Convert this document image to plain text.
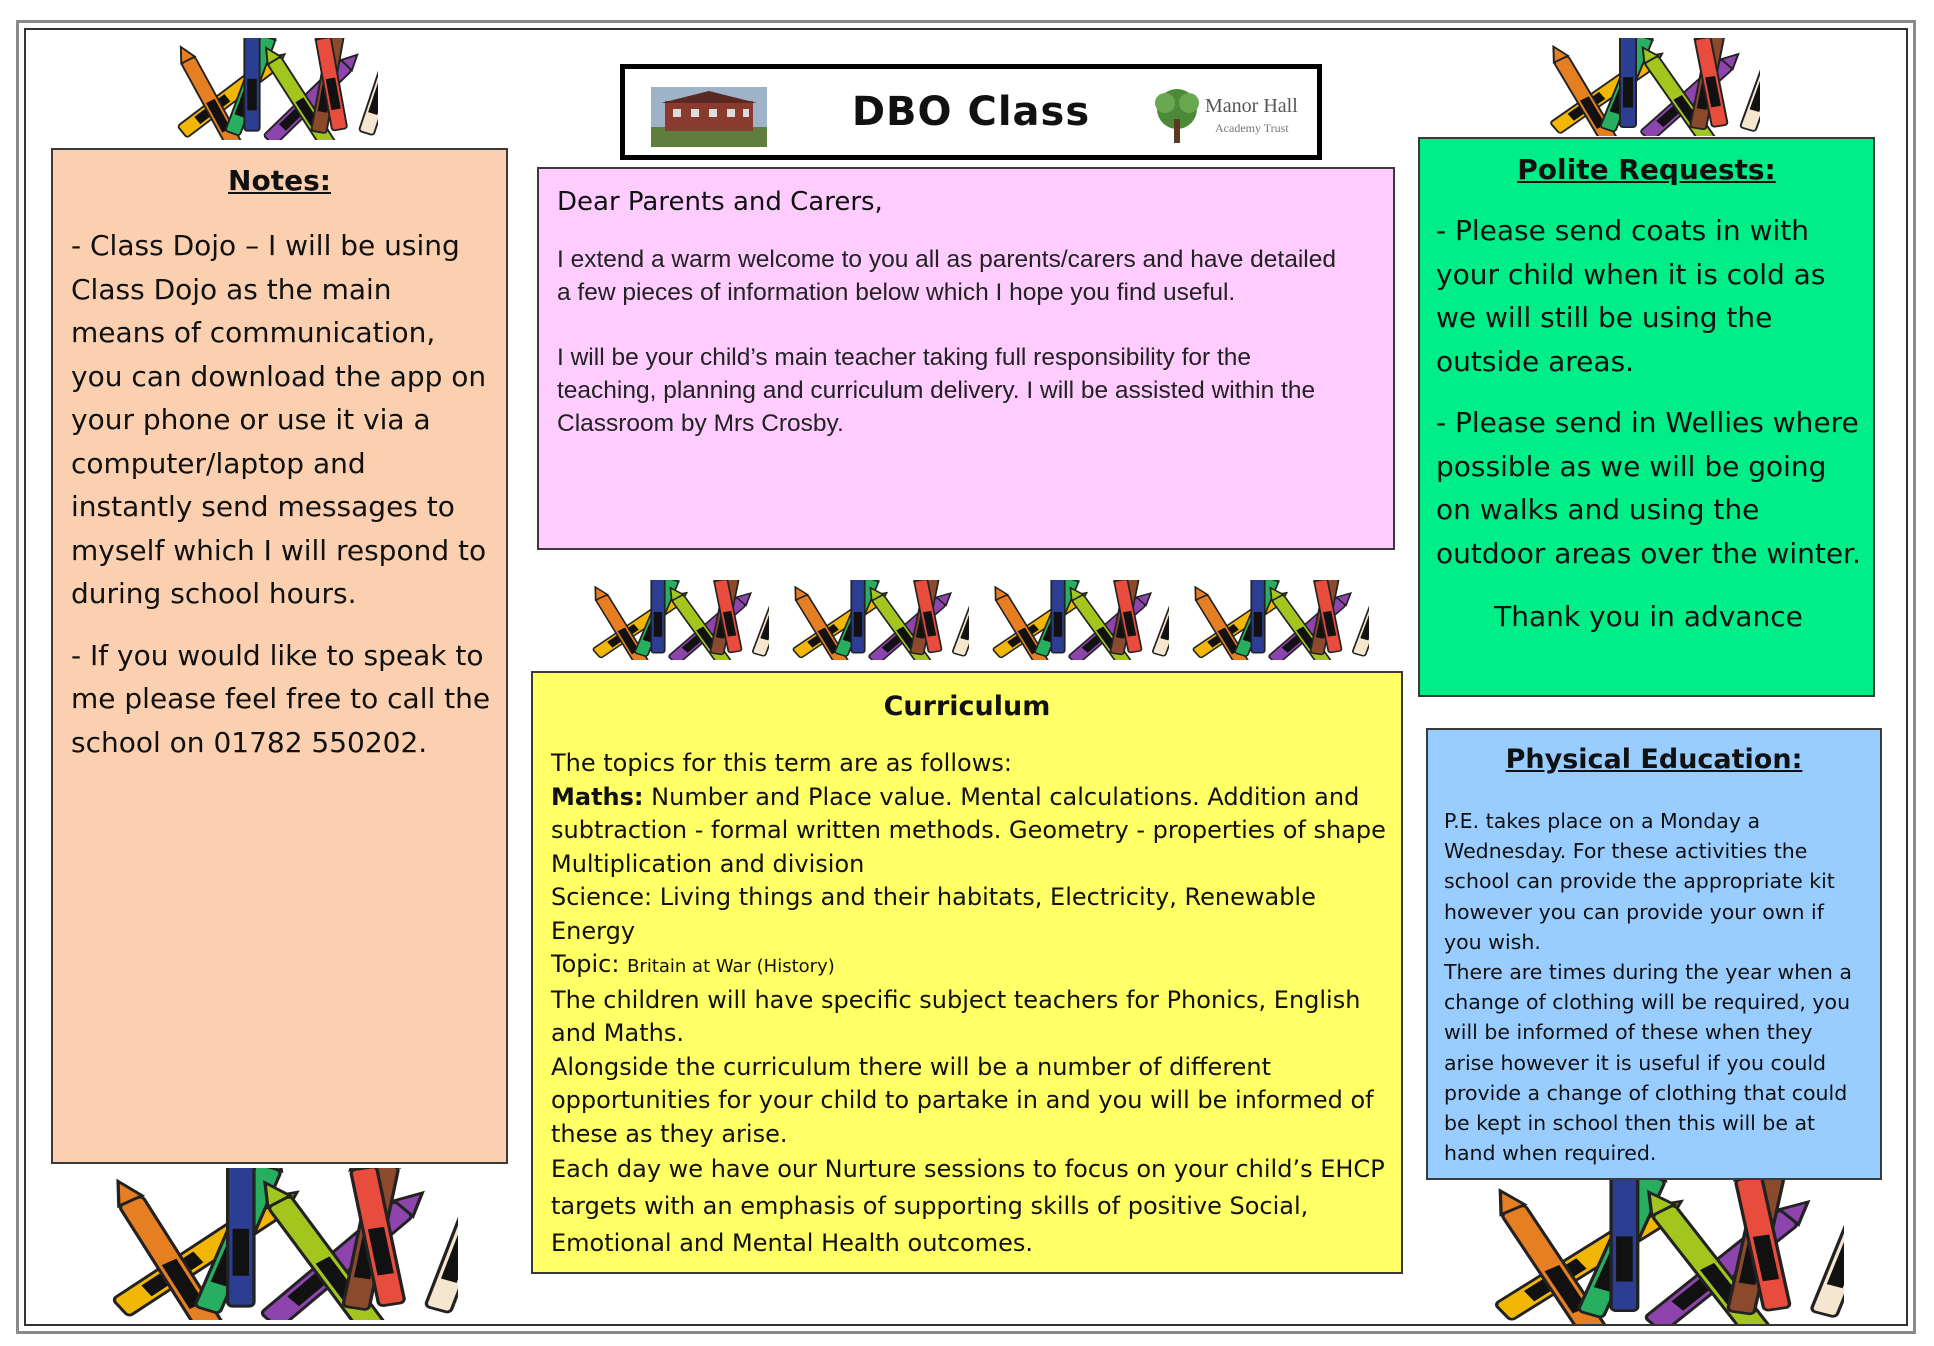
DBO Class	Manor Hall
Academy Trust
Notes:

- Class Dojo – I will be using Class Dojo as the main means of communication, you can download the app on your phone or use it via a computer/laptop and instantly send messages to myself which I will respond to during school hours.

- If you would like to speak to me please feel free to call the school on 01782 550202.

Dear Parents and Carers,

I extend a warm welcome to you all as parents/carers and have detailed a few pieces of information below which I hope you find useful.

I will be your child’s main teacher taking full responsibility for the teaching, planning and curriculum delivery. I will be assisted within the Classroom by Mrs Crosby.

Polite Requests:

- Please send coats in with your child when it is cold as we will still be using the outside areas.

- Please send in Wellies where possible as we will be going on walks and using the outdoor areas over the winter.

Thank you in advance

Curriculum

The topics for this term are as follows:

Maths: Number and Place value. Mental calculations. Addition and subtraction - formal written methods. Geometry - properties of shape Multiplication and division

Science: Living things and their habitats, Electricity, Renewable Energy

Topic: Britain at War (History)

The children will have specific subject teachers for Phonics, English and Maths.

Alongside the curriculum there will be a number of different opportunities for your child to partake in and you will be informed of these as they arise.

Each day we have our Nurture sessions to focus on your child’s EHCP targets with an emphasis of supporting skills of positive Social, Emotional and Mental Health outcomes.

Physical Education:

P.E. takes place on a Monday a Wednesday. For these activities the school can provide the appropriate kit however you can provide your own if you wish.

There are times during the year when a change of clothing will be required, you will be informed of these when they arise however it is useful if you could provide a change of clothing that could be kept in school then this will be at hand when required.
